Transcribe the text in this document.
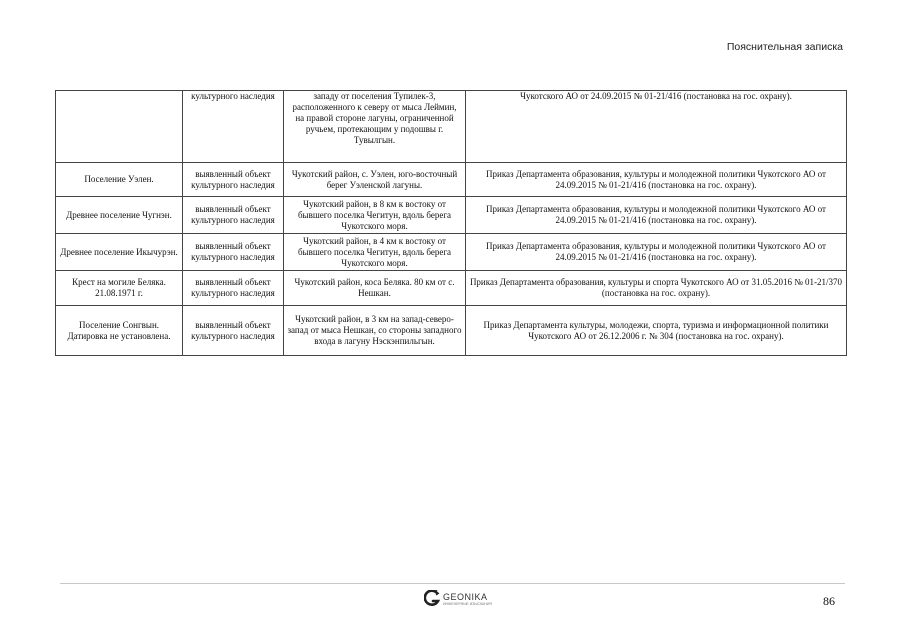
Пояснительная записка
	культурного наследия	западу от поселения Тупилек-3, расположенного к северу от мыса Леймин, на правой стороне лагуны, ограниченной ручьем, протекающим у подошвы г. Тувылгын.	Чукотского АО от 24.09.2015 № 01-21/416 (постановка на гос. охрану).
Поселение Уэлен.	выявленный объект культурного наследия	Чукотский район, с. Уэлен, юго-восточный берег Уэленской лагуны.	Приказ Департамента образования, культуры и молодежной политики Чукотского АО от 24.09.2015 № 01-21/416 (постановка на гос. охрану).
Древнее поселение Чугнэн.	выявленный объект культурного наследия	Чукотский район, в 8 км к востоку от бывшего поселка Чегитун, вдоль берега Чукотского моря.	Приказ Департамента образования, культуры и молодежной политики Чукотского АО от 24.09.2015 № 01-21/416 (постановка на гос. охрану).
Древнее поселение Икычурэн.	выявленный объект культурного наследия	Чукотский район, в 4 км к востоку от бывшего поселка Чегитун, вдоль берега Чукотского моря.	Приказ Департамента образования, культуры и молодежной политики Чукотского АО от 24.09.2015 № 01-21/416 (постановка на гос. охрану).
Крест на могиле Беляка. 21.08.1971 г.	выявленный объект культурного наследия	Чукотский район, коса Беляка. 80 км от с. Нешкан.	Приказ Департамента образования, культуры и спорта Чукотского АО от 31.05.2016 № 01-21/370 (постановка на гос. охрану).
Поселение Сонгвын. Датировка не установлена.	выявленный объект культурного наследия	Чукотский район, в 3 км на запад-северо-запад от мыса Нешкан, со стороны западного входа в лагуну Нэскэнпильгын.	Приказ Департамента культуры, молодежи, спорта, туризма и информационной политики Чукотского АО от 26.12.2006 г. № 304 (постановка на гос. охрану).
GEONIKA
ИНЖЕНЕРНЫЕ ИЗЫСКАНИЯ	86
